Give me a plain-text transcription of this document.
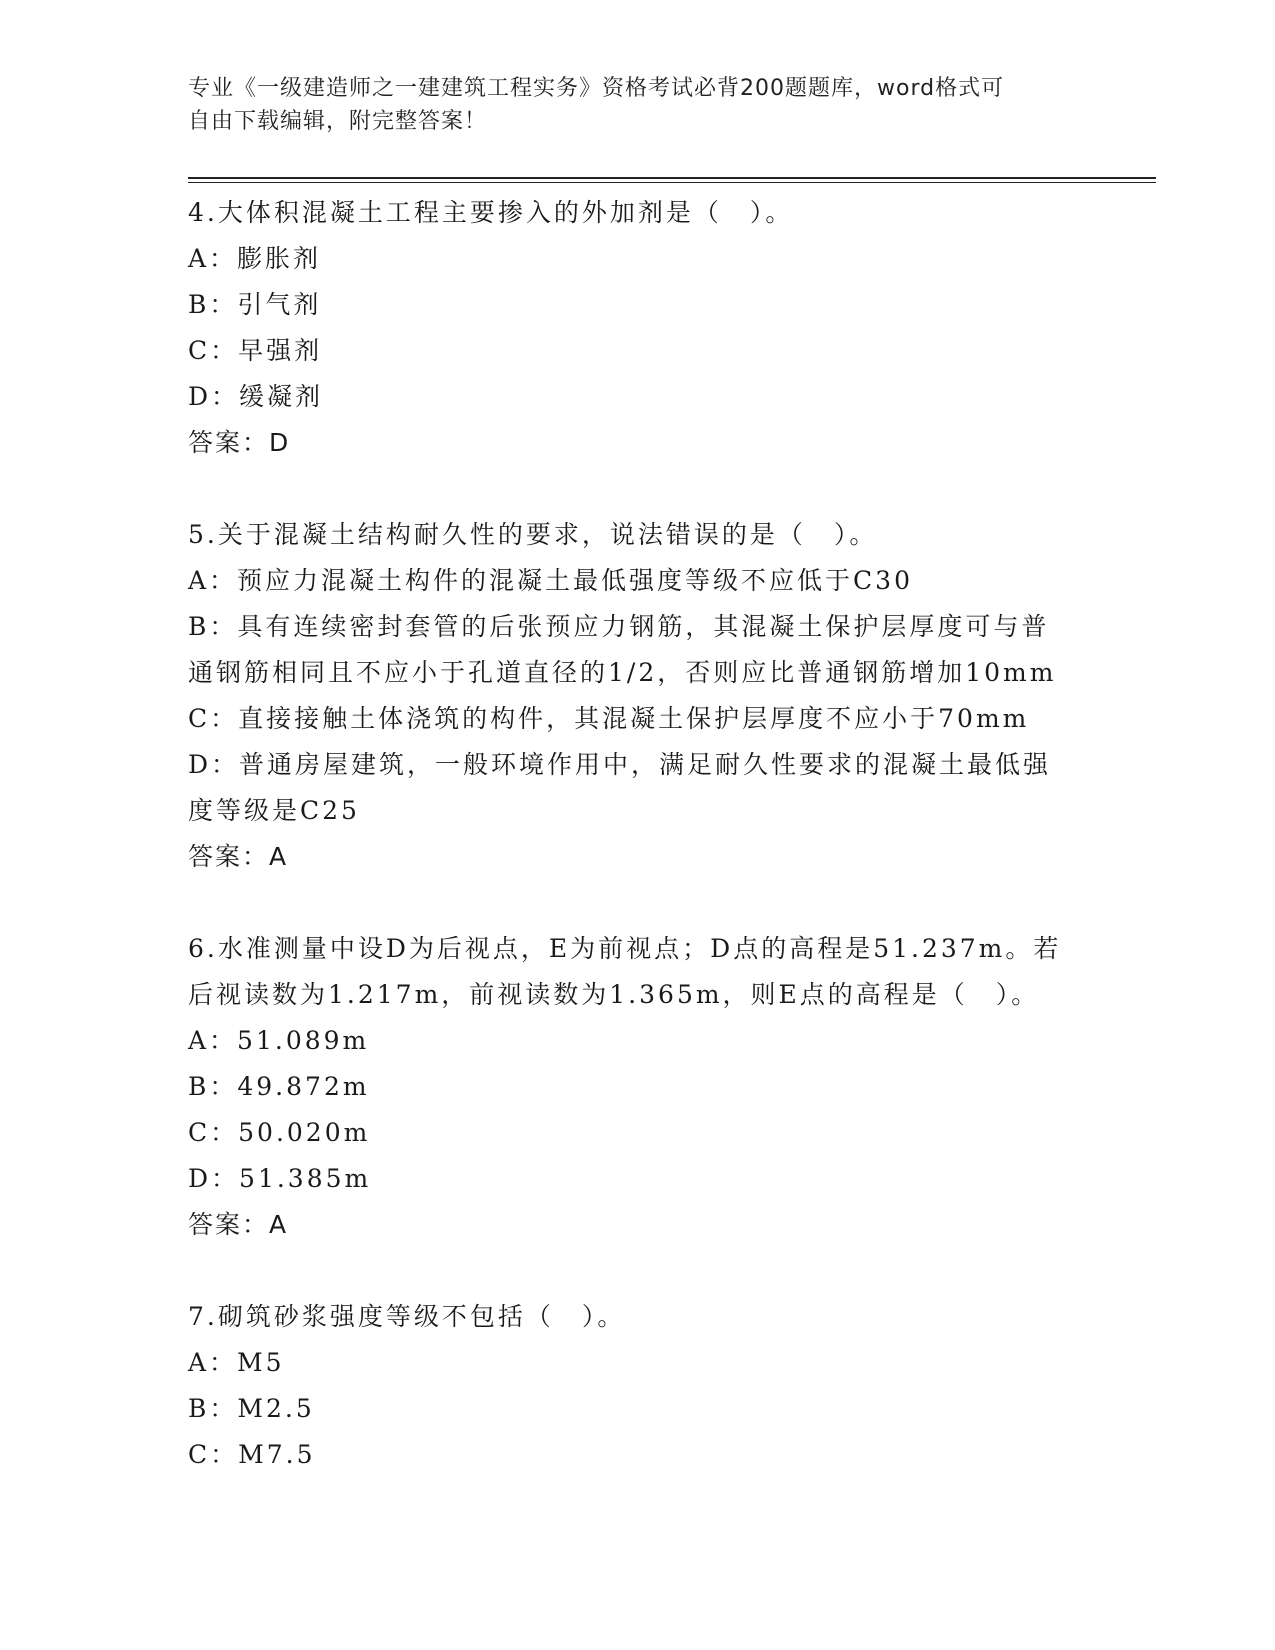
专业《一级建造师之一建建筑工程实务》资格考试必背200题题库，word格式可
自由下载编辑，附完整答案！
4.大体积混凝土工程主要掺入的外加剂是（　）。
A：膨胀剂
B：引气剂
C：早强剂
D：缓凝剂
答案：D
5.关于混凝土结构耐久性的要求，说法错误的是（　）。
A：预应力混凝土构件的混凝土最低强度等级不应低于C30
B：具有连续密封套管的后张预应力钢筋，其混凝土保护层厚度可与普
通钢筋相同且不应小于孔道直径的1/2，否则应比普通钢筋增加10mm
C：直接接触土体浇筑的构件，其混凝土保护层厚度不应小于70mm
D：普通房屋建筑，一般环境作用中，满足耐久性要求的混凝土最低强
度等级是C25
答案：A
6.水准测量中设D为后视点，E为前视点；D点的高程是51.237m。若
后视读数为1.217m，前视读数为1.365m，则E点的高程是（　）。
A：51.089m
B：49.872m
C：50.020m
D：51.385m
答案：A
7.砌筑砂浆强度等级不包括（　）。
A：M5
B：M2.5
C：M7.5
